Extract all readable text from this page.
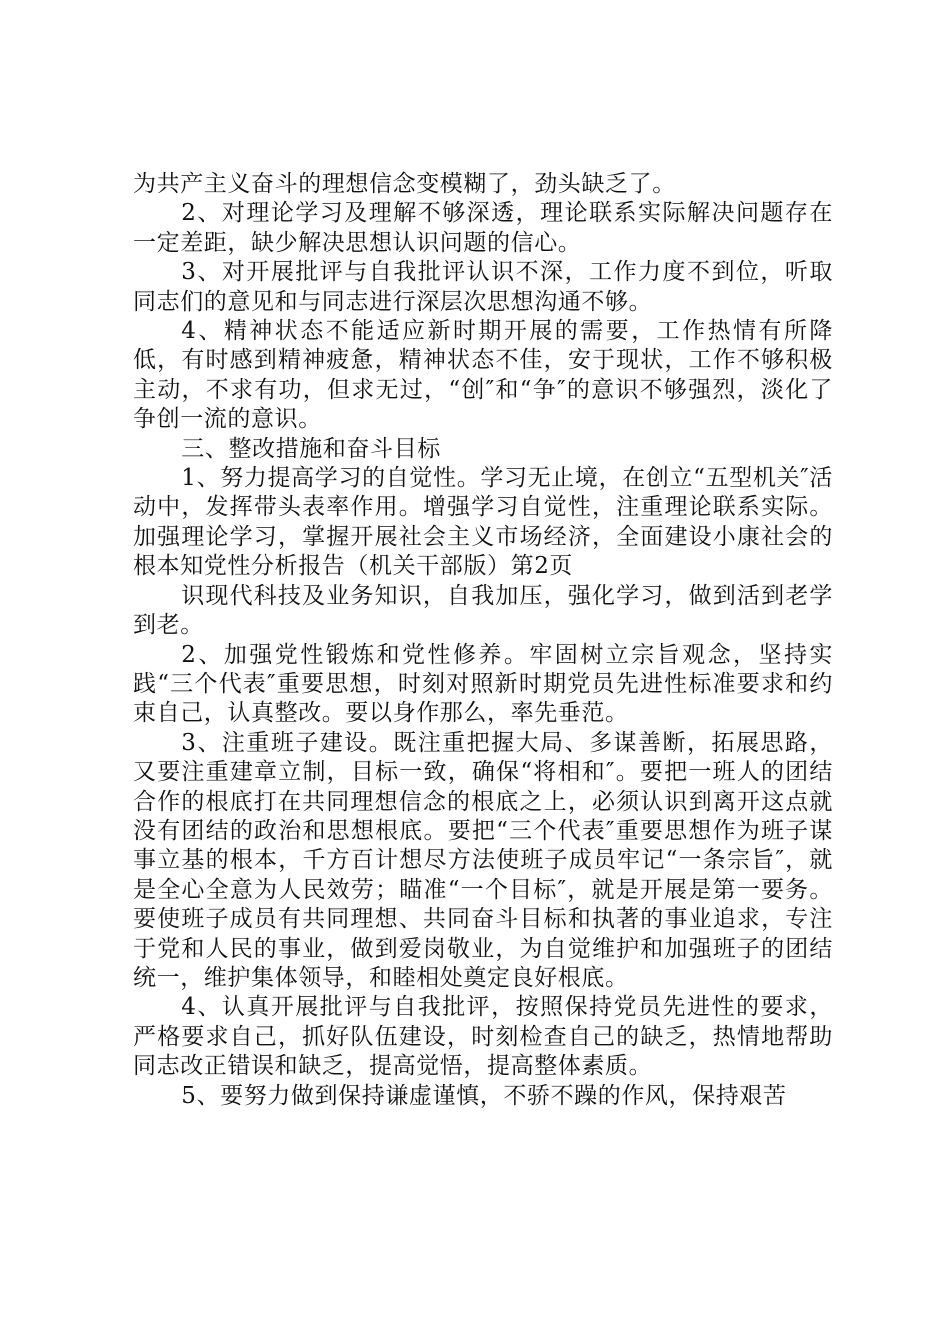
为共产主义奋斗的理想信念变模糊了，劲头缺乏了。

2、对理论学习及理解不够深透，理论联系实际解决问题存在一定差距，缺少解决思想认识问题的信心。

3、对开展批评与自我批评认识不深，工作力度不到位，听取同志们的意见和与同志进行深层次思想沟通不够。

4、精神状态不能适应新时期开展的需要，工作热情有所降低，有时感到精神疲惫，精神状态不佳，安于现状，工作不够积极主动，不求有功，但求无过，“创″和“争″的意识不够强烈，淡化了争创一流的意识。

三、整改措施和奋斗目标

1、努力提高学习的自觉性。学习无止境，在创立“五型机关″活动中，发挥带头表率作用。增强学习自觉性，注重理论联系实际。加强理论学习，掌握开展社会主义市场经济，全面建设小康社会的根本知党性分析报告（机关干部版）第2页

识现代科技及业务知识，自我加压，强化学习，做到活到老学到老。

2、加强党性锻炼和党性修养。牢固树立宗旨观念，坚持实践“三个代表″重要思想，时刻对照新时期党员先进性标准要求和约束自己，认真整改。要以身作那么，率先垂范。

3、注重班子建设。既注重把握大局、多谋善断，拓展思路，又要注重建章立制，目标一致，确保“将相和″。要把一班人的团结合作的根底打在共同理想信念的根底之上，必须认识到离开这点就没有团结的政治和思想根底。要把“三个代表″重要思想作为班子谋事立基的根本，千方百计想尽方法使班子成员牢记“一条宗旨″，就是全心全意为人民效劳；瞄准“一个目标″，就是开展是第一要务。要使班子成员有共同理想、共同奋斗目标和执著的事业追求，专注于党和人民的事业，做到爱岗敬业，为自觉维护和加强班子的团结统一，维护集体领导，和睦相处奠定良好根底。

4、认真开展批评与自我批评，按照保持党员先进性的要求，严格要求自己，抓好队伍建设，时刻检查自己的缺乏，热情地帮助同志改正错误和缺乏，提高觉悟，提高整体素质。

5、要努力做到保持谦虚谨慎，不骄不躁的作风，保持艰苦
